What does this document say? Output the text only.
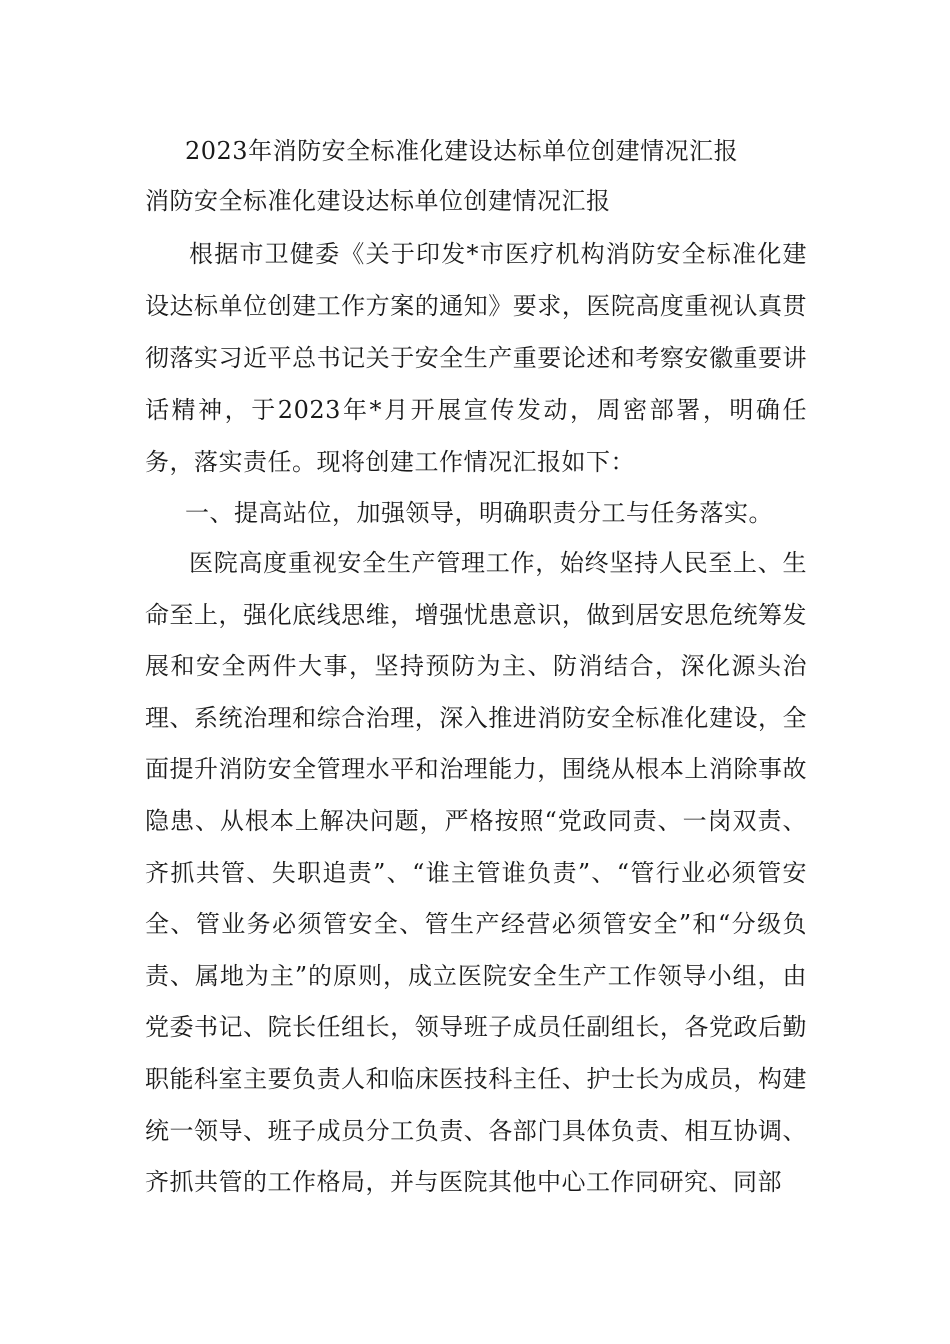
2023年消防安全标准化建设达标单位创建情况汇报
消防安全标准化建设达标单位创建情况汇报

根据市卫健委《关于印发*市医疗机构消防安全标准化建设达标单位创建工作方案的通知》要求，医院高度重视认真贯彻落实习近平总书记关于安全生产重要论述和考察安徽重要讲话精神，于2023年*月开展宣传发动，周密部署，明确任务，落实责任。现将创建工作情况汇报如下：

一、提高站位，加强领导，明确职责分工与任务落实。

医院高度重视安全生产管理工作，始终坚持人民至上、生命至上，强化底线思维，增强忧患意识，做到居安思危统筹发展和安全两件大事，坚持预防为主、防消结合，深化源头治理、系统治理和综合治理，深入推进消防安全标准化建设，全面提升消防安全管理水平和治理能力，围绕从根本上消除事故隐患、从根本上解决问题，严格按照“党政同责、一岗双责、齐抓共管、失职追责”、“谁主管谁负责”、“管行业必须管安全、管业务必须管安全、管生产经营必须管安全”和“分级负责、属地为主”的原则，成立医院安全生产工作领导小组，由党委书记、院长任组长，领导班子成员任副组长，各党政后勤职能科室主要负责人和临床医技科主任、护士长为成员，构建统一领导、班子成员分工负责、各部门具体负责、相互协调、齐抓共管的工作格局，并与医院其他中心工作同研究、同部
